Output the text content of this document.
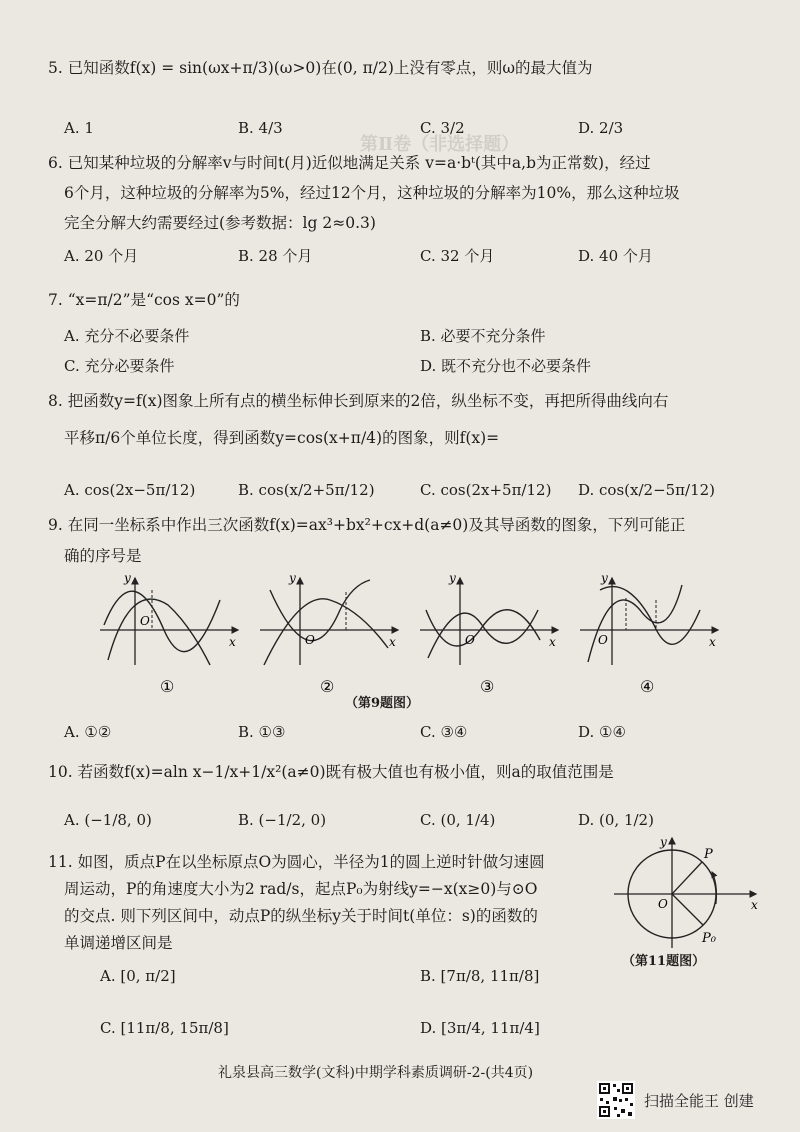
第Ⅱ卷（非选择题）
5. 已知函数f(x) = sin(ωx+π/3)(ω>0)在(0, π/2)上没有零点，则ω的最大值为
A. 1	B. 4/3	C. 3/2	D. 2/3
6. 已知某种垃圾的分解率v与时间t(月)近似地满足关系 v=a·bᵗ(其中a,b为正常数)，经过
6个月，这种垃圾的分解率为5%，经过12个月，这种垃圾的分解率为10%，那么这种垃圾
完全分解大约需要经过(参考数据：lg 2≈0.3)
A. 20 个月	B. 28 个月	C. 32 个月	D. 40 个月
7. “x=π/2”是“cos x=0”的
A. 充分不必要条件	B. 必要不充分条件
C. 充分必要条件	D. 既不充分也不必要条件
8. 把函数y=f(x)图象上所有点的横坐标伸长到原来的2倍，纵坐标不变，再把所得曲线向右
平移π/6个单位长度，得到函数y=cos(x+π/4)的图象，则f(x)=
A. cos(2x−5π/12)	B. cos(x/2+5π/12)	C. cos(2x+5π/12) D. cos(x/2−5π/12)
9. 在同一坐标系中作出三次函数f(x)=ax³+bx²+cx+d(a≠0)及其导函数的图象，下列可能正
确的序号是
y
x
O
①
y
x
O
②
y
x
O
③
y
x
O
④
（第9题图）
A. ①②	B. ①③	C. ③④	D. ①④
10. 若函数f(x)=aln x−1/x+1/x²(a≠0)既有极大值也有极小值，则a的取值范围是
A. (−1/8, 0)	B. (−1/2, 0)	C. (0, 1/4)	D. (0, 1/2)
11. 如图，质点P在以坐标原点O为圆心，半径为1的圆上逆时针做匀速圆
周运动，P的角速度大小为2 rad/s，起点P₀为射线y=−x(x≥0)与⊙O
的交点. 则下列区间中，动点P的纵坐标y关于时间t(单位：s)的函数的
单调递增区间是
y
x
O
P
P₀
（第11题图）
A. [0, π/2]	B. [7π/8, 11π/8]
C. [11π/8, 15π/8]	D. [3π/4, 11π/4]
礼泉县高三数学(文科)中期学科素质调研-2-(共4页)
扫描全能王 创建
